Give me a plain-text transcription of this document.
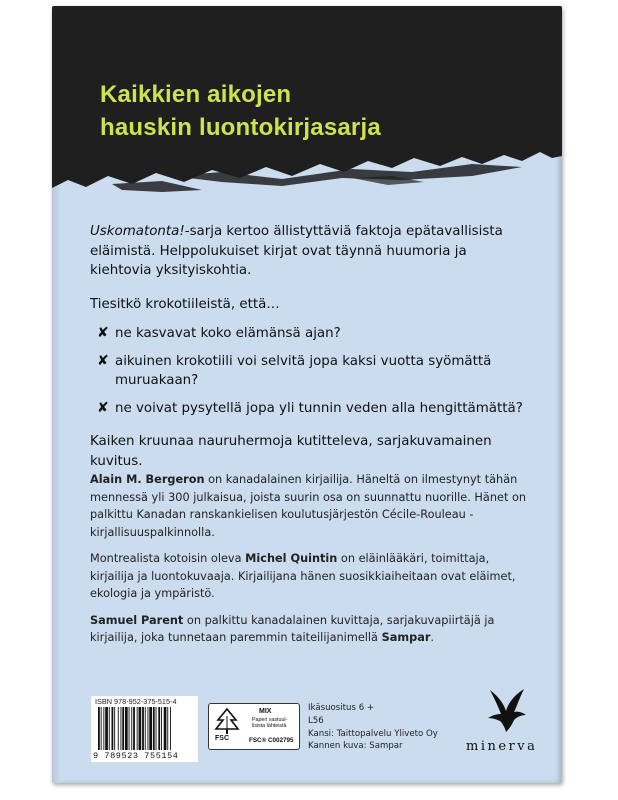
Kaikkien aikojen
hauskin luontokirjasarja

Uskomatonta!-sarja kertoo ällistyttäviä faktoja epätavallisista eläimistä. Helppolukuiset kirjat ovat täynnä huumoria ja kiehtovia yksityiskohtia.

Tiesitkö krokotiileistä, että…

✘ ne kasvavat koko elämänsä ajan?
✘ aikuinen krokotiili voi selvitä jopa kaksi vuotta syömättä muruakaan?
✘ ne voivat pysytellä jopa yli tunnin veden alla hengittämättä?

Kaiken kruunaa nauruhermoja kutitteleva, sarjakuvamainen kuvitus.

Alain M. Bergeron on kanadalainen kirjailija. Häneltä on ilmestynyt tähän mennessä yli 300 julkaisua, joista suurin osa on suunnattu nuorille. Hänet on palkittu Kanadan ranskankielisen koulutusjärjestön Cécile-Rouleau -kirjallisuuspalkinnolla.

Montrealista kotoisin oleva Michel Quintin on eläinlääkäri, toimittaja, kirjailija ja luontokuvaaja. Kirjailijana hänen suosikkiaiheitaan ovat eläimet, ekologia ja ympäristö.

Samuel Parent on palkittu kanadalainen kuvittaja, sarjakuvapiirtäjä ja kirjailija, joka tunnetaan paremmin taiteilijanimellä Sampar.

ISBN 978-952-375-515-4
9 789523 755154
FSC
MIX
Paperi vastuul-
lisista lähteistä
FSC® C002795
Ikäsuositus 6 +
L56
Kansi: Taittopalvelu Yliveto Oy
Kannen kuva: Sampar	minerva
